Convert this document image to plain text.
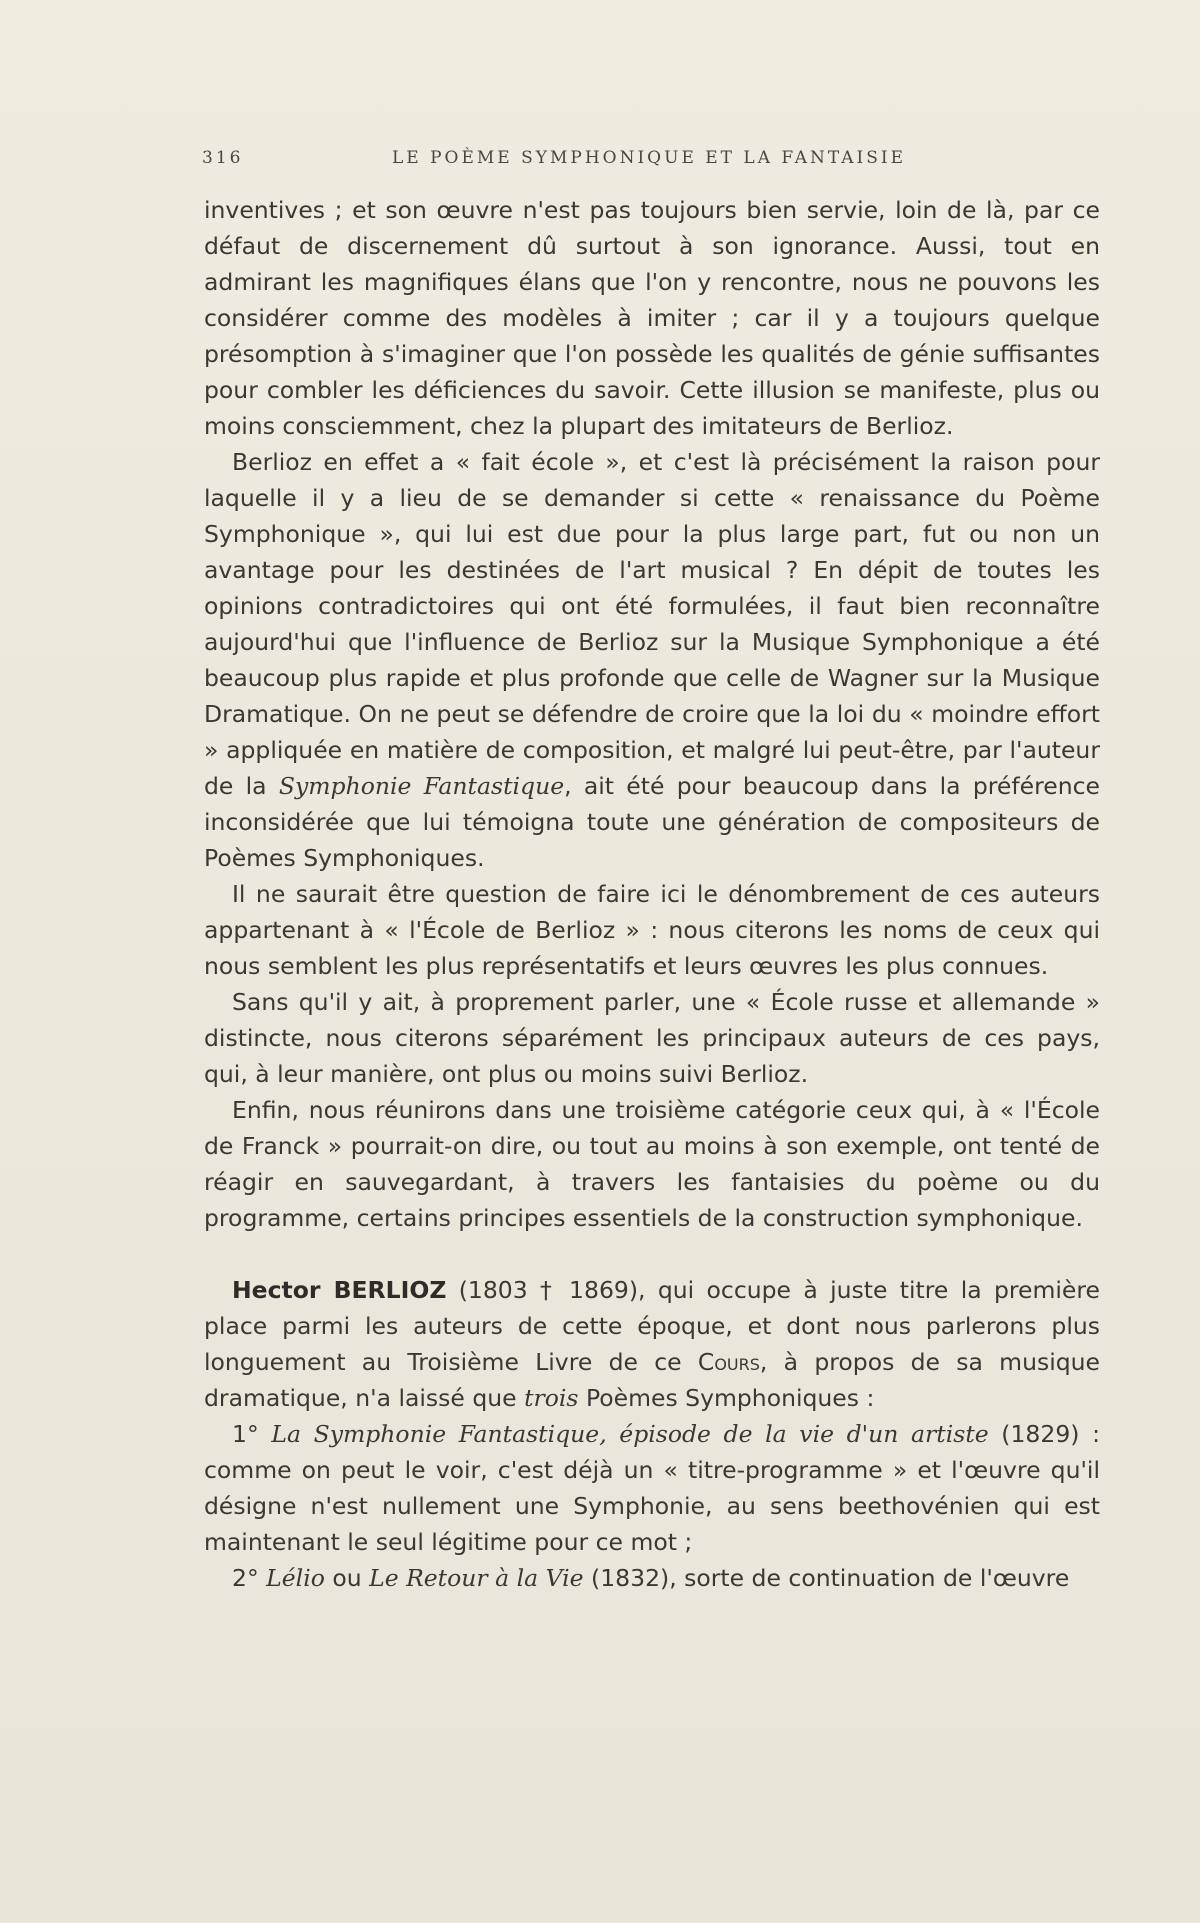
316	LE POÈME SYMPHONIQUE ET LA FANTAISIE

inventives ; et son œuvre n'est pas toujours bien servie, loin de là, par ce défaut de discernement dû surtout à son ignorance. Aussi, tout en admirant les magnifiques élans que l'on y rencontre, nous ne pouvons les considérer comme des modèles à imiter ; car il y a toujours quelque présomption à s'imaginer que l'on possède les qualités de génie suffisantes pour combler les déficiences du savoir. Cette illusion se manifeste, plus ou moins consciemment, chez la plupart des imitateurs de Berlioz.

Berlioz en effet a « fait école », et c'est là précisément la raison pour laquelle il y a lieu de se demander si cette « renaissance du Poème Symphonique », qui lui est due pour la plus large part, fut ou non un avantage pour les destinées de l'art musical ? En dépit de toutes les opinions contradictoires qui ont été formulées, il faut bien reconnaître aujourd'hui que l'influence de Berlioz sur la Musique Symphonique a été beaucoup plus rapide et plus profonde que celle de Wagner sur la Musique Dramatique. On ne peut se défendre de croire que la loi du « moindre effort » appliquée en matière de composition, et malgré lui peut-être, par l'auteur de la Symphonie Fantastique, ait été pour beaucoup dans la préférence inconsidérée que lui témoigna toute une génération de compositeurs de Poèmes Symphoniques.

Il ne saurait être question de faire ici le dénombrement de ces auteurs appartenant à « l'École de Berlioz » : nous citerons les noms de ceux qui nous semblent les plus représentatifs et leurs œuvres les plus connues.

Sans qu'il y ait, à proprement parler, une « École russe et allemande » distincte, nous citerons séparément les principaux auteurs de ces pays, qui, à leur manière, ont plus ou moins suivi Berlioz.

Enfin, nous réunirons dans une troisième catégorie ceux qui, à « l'École de Franck » pourrait-on dire, ou tout au moins à son exemple, ont tenté de réagir en sauvegardant, à travers les fantaisies du poème ou du programme, certains principes essentiels de la construction symphonique.

Hector BERLIOZ (1803 † 1869), qui occupe à juste titre la première place parmi les auteurs de cette époque, et dont nous parlerons plus longuement au Troisième Livre de ce Cours, à propos de sa musique dramatique, n'a laissé que trois Poèmes Symphoniques :

1° La Symphonie Fantastique, épisode de la vie d'un artiste (1829) : comme on peut le voir, c'est déjà un « titre-programme » et l'œuvre qu'il désigne n'est nullement une Symphonie, au sens beethovénien qui est maintenant le seul légitime pour ce mot ;

2° Lélio ou Le Retour à la Vie (1832), sorte de continuation de l'œuvre
